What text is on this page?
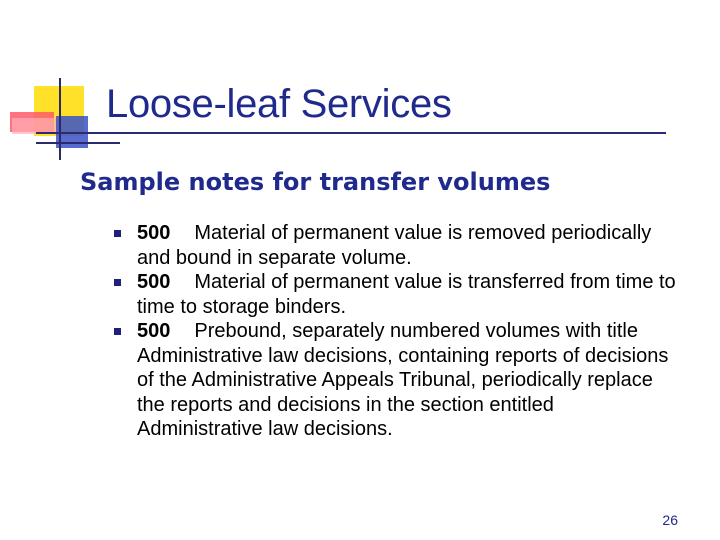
Loose-leaf Services
Sample notes for transfer volumes
500 Material of permanent value is removed periodically and bound in separate volume.
500 Material of permanent value is transferred from time to time to storage binders.
500 Prebound, separately numbered volumes with title Administrative law decisions, containing reports of decisions of the Administrative Appeals Tribunal, periodically replace the reports and decisions in the section entitled Administrative law decisions.
26
